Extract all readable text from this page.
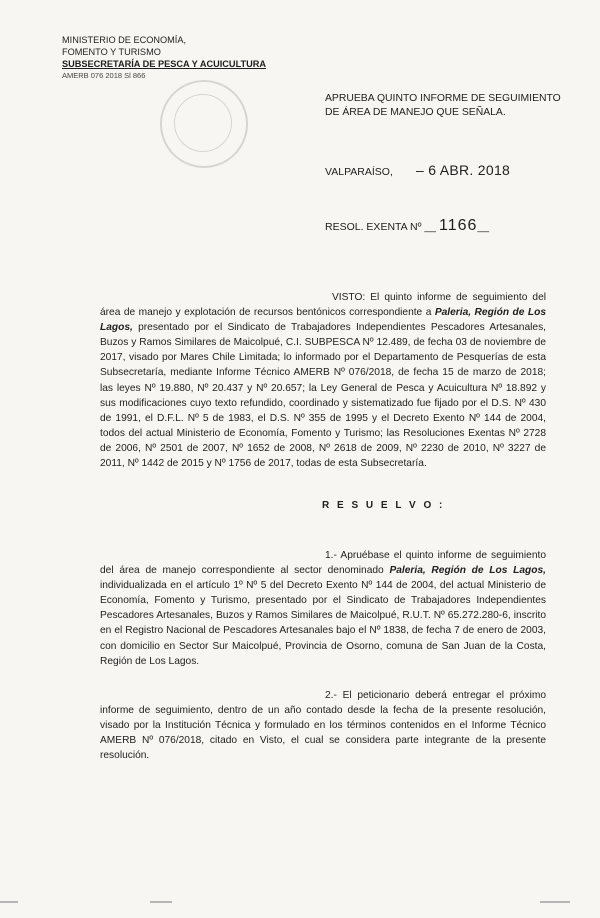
MINISTERIO DE ECONOMÍA,
FOMENTO Y TURISMO
SUBSECRETARÍA DE PESCA Y ACUICULTURA
AMERB 076 2018 Sl 866
APRUEBA QUINTO INFORME DE SEGUIMIENTO DE ÁREA DE MANEJO QUE SEÑALA.
VALPARAÍSO, – 6 ABR. 2018
RESOL. EXENTA Nº __ 1166__
VISTO: El quinto informe de seguimiento del área de manejo y explotación de recursos bentónicos correspondiente a Paleria, Región de Los Lagos, presentado por el Sindicato de Trabajadores Independientes Pescadores Artesanales, Buzos y Ramos Similares de Maicolpué, C.I. SUBPESCA Nº 12.489, de fecha 03 de noviembre de 2017, visado por Mares Chile Limitada; lo informado por el Departamento de Pesquerías de esta Subsecretaría, mediante Informe Técnico AMERB Nº 076/2018, de fecha 15 de marzo de 2018; las leyes Nº 19.880, Nº 20.437 y Nº 20.657; la Ley General de Pesca y Acuicultura Nº 18.892 y sus modificaciones cuyo texto refundido, coordinado y sistematizado fue fijado por el D.S. Nº 430 de 1991, el D.F.L. Nº 5 de 1983, el D.S. Nº 355 de 1995 y el Decreto Exento Nº 144 de 2004, todos del actual Ministerio de Economía, Fomento y Turismo; las Resoluciones Exentas Nº 2728 de 2006, Nº 2501 de 2007, Nº 1652 de 2008, Nº 2618 de 2009, Nº 2230 de 2010, Nº 3227 de 2011, Nº 1442 de 2015 y Nº 1756 de 2017, todas de esta Subsecretaría.
R E S U E L V O :
1.- Apruébase el quinto informe de seguimiento del área de manejo correspondiente al sector denominado Paleria, Región de Los Lagos, individualizada en el artículo 1º Nº 5 del Decreto Exento Nº 144 de 2004, del actual Ministerio de Economía, Fomento y Turismo, presentado por el Sindicato de Trabajadores Independientes Pescadores Artesanales, Buzos y Ramos Similares de Maicolpué, R.U.T. Nº 65.272.280-6, inscrito en el Registro Nacional de Pescadores Artesanales bajo el Nº 1838, de fecha 7 de enero de 2003, con domicilio en Sector Sur Maicolpué, Provincia de Osorno, comuna de San Juan de la Costa, Región de Los Lagos.
2.- El peticionario deberá entregar el próximo informe de seguimiento, dentro de un año contado desde la fecha de la presente resolución, visado por la Institución Técnica y formulado en los términos contenidos en el Informe Técnico AMERB Nº 076/2018, citado en Visto, el cual se considera parte integrante de la presente resolución.
